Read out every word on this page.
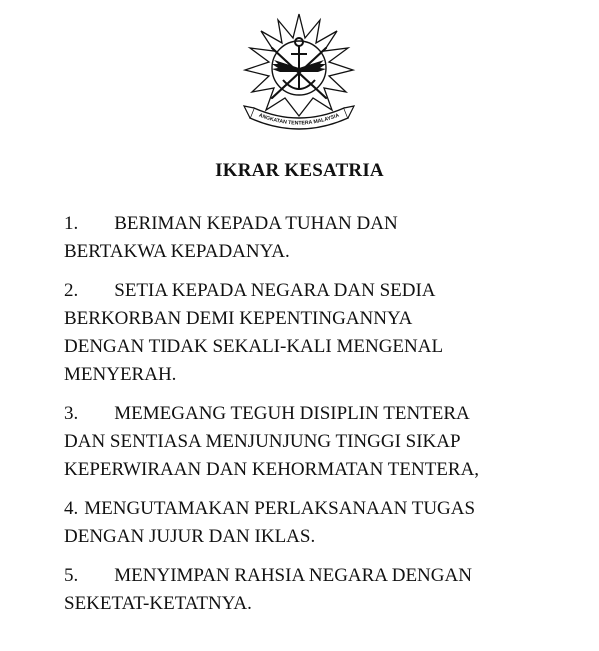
ANGKATAN TENTERA MALAYSIA
IKRAR KESATRIA
1. BERIMAN KEPADA TUHAN DAN
BERTAKWA KEPADANYA.
2. SETIA KEPADA NEGARA DAN SEDIA
BERKORBAN DEMI KEPENTINGANNYA
DENGAN TIDAK SEKALI-KALI MENGENAL
MENYERAH.
3. MEMEGANG TEGUH DISIPLIN TENTERA
DAN SENTIASA MENJUNJUNG TINGGI SIKAP
KEPERWIRAAN DAN KEHORMATAN TENTERA,
4. MENGUTAMAKAN PERLAKSANAAN TUGAS
DENGAN JUJUR DAN IKLAS.
5. MENYIMPAN RAHSIA NEGARA DENGAN
SEKETAT-KETATNYA.
